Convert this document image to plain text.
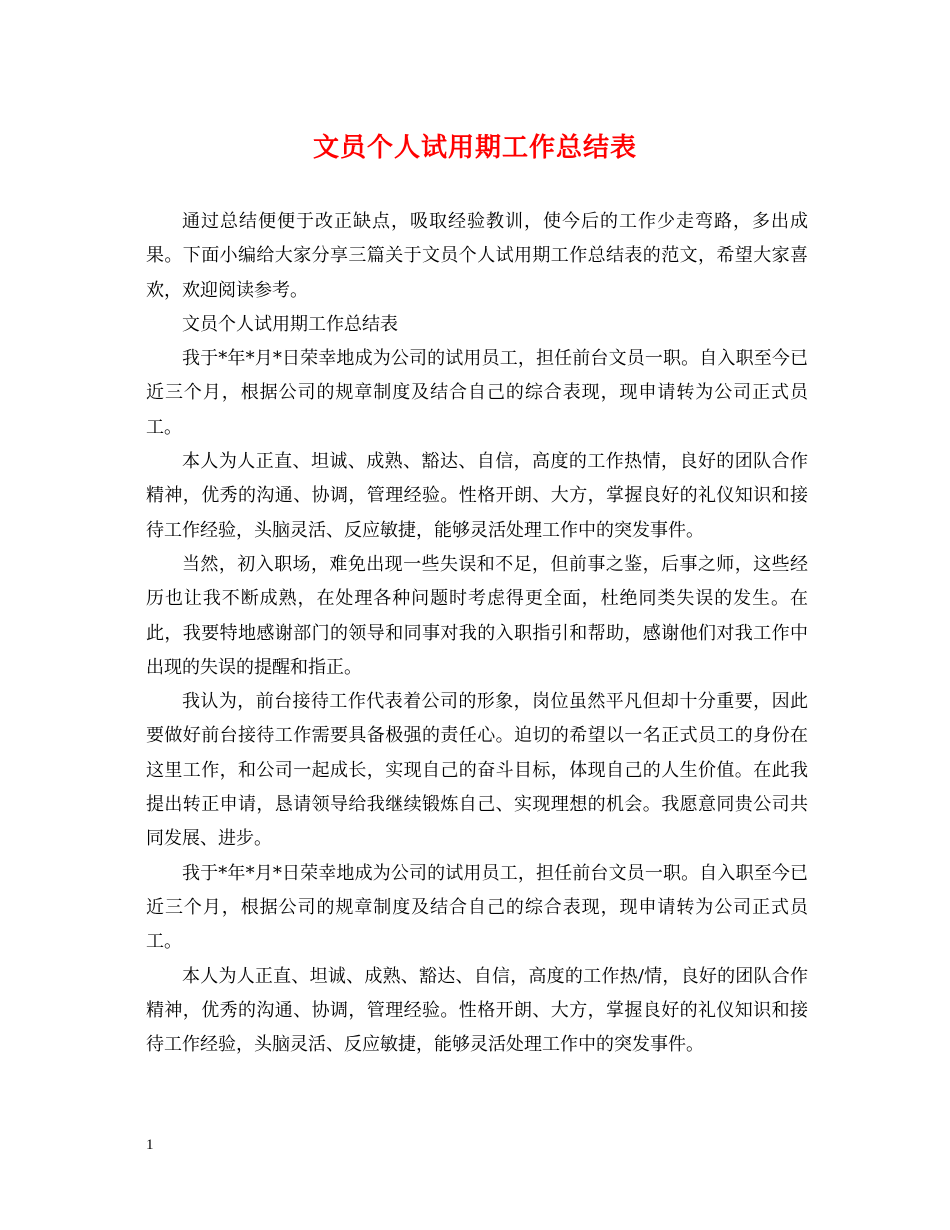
文员个人试用期工作总结表

通过总结便便于改正缺点，吸取经验教训，使今后的工作少走弯路，多出成果。下面小编给大家分享三篇关于文员个人试用期工作总结表的范文，希望大家喜欢，欢迎阅读参考。

文员个人试用期工作总结表

我于*年*月*日荣幸地成为公司的试用员工，担任前台文员一职。自入职至今已近三个月，根据公司的规章制度及结合自己的综合表现，现申请转为公司正式员工。

本人为人正直、坦诚、成熟、豁达、自信，高度的工作热情，良好的团队合作精神，优秀的沟通、协调，管理经验。性格开朗、大方，掌握良好的礼仪知识和接待工作经验，头脑灵活、反应敏捷，能够灵活处理工作中的突发事件。

当然，初入职场，难免出现一些失误和不足，但前事之鉴，后事之师，这些经历也让我不断成熟，在处理各种问题时考虑得更全面，杜绝同类失误的发生。在此，我要特地感谢部门的领导和同事对我的入职指引和帮助，感谢他们对我工作中出现的失误的提醒和指正。

我认为，前台接待工作代表着公司的形象，岗位虽然平凡但却十分重要，因此要做好前台接待工作需要具备极强的责任心。迫切的希望以一名正式员工的身份在这里工作，和公司一起成长，实现自己的奋斗目标，体现自己的人生价值。在此我提出转正申请，恳请领导给我继续锻炼自己、实现理想的机会。我愿意同贵公司共同发展、进步。

我于*年*月*日荣幸地成为公司的试用员工，担任前台文员一职。自入职至今已近三个月，根据公司的规章制度及结合自己的综合表现，现申请转为公司正式员工。

本人为人正直、坦诚、成熟、豁达、自信，高度的工作热/情，良好的团队合作精神，优秀的沟通、协调，管理经验。性格开朗、大方，掌握良好的礼仪知识和接待工作经验，头脑灵活、反应敏捷，能够灵活处理工作中的突发事件。

1
